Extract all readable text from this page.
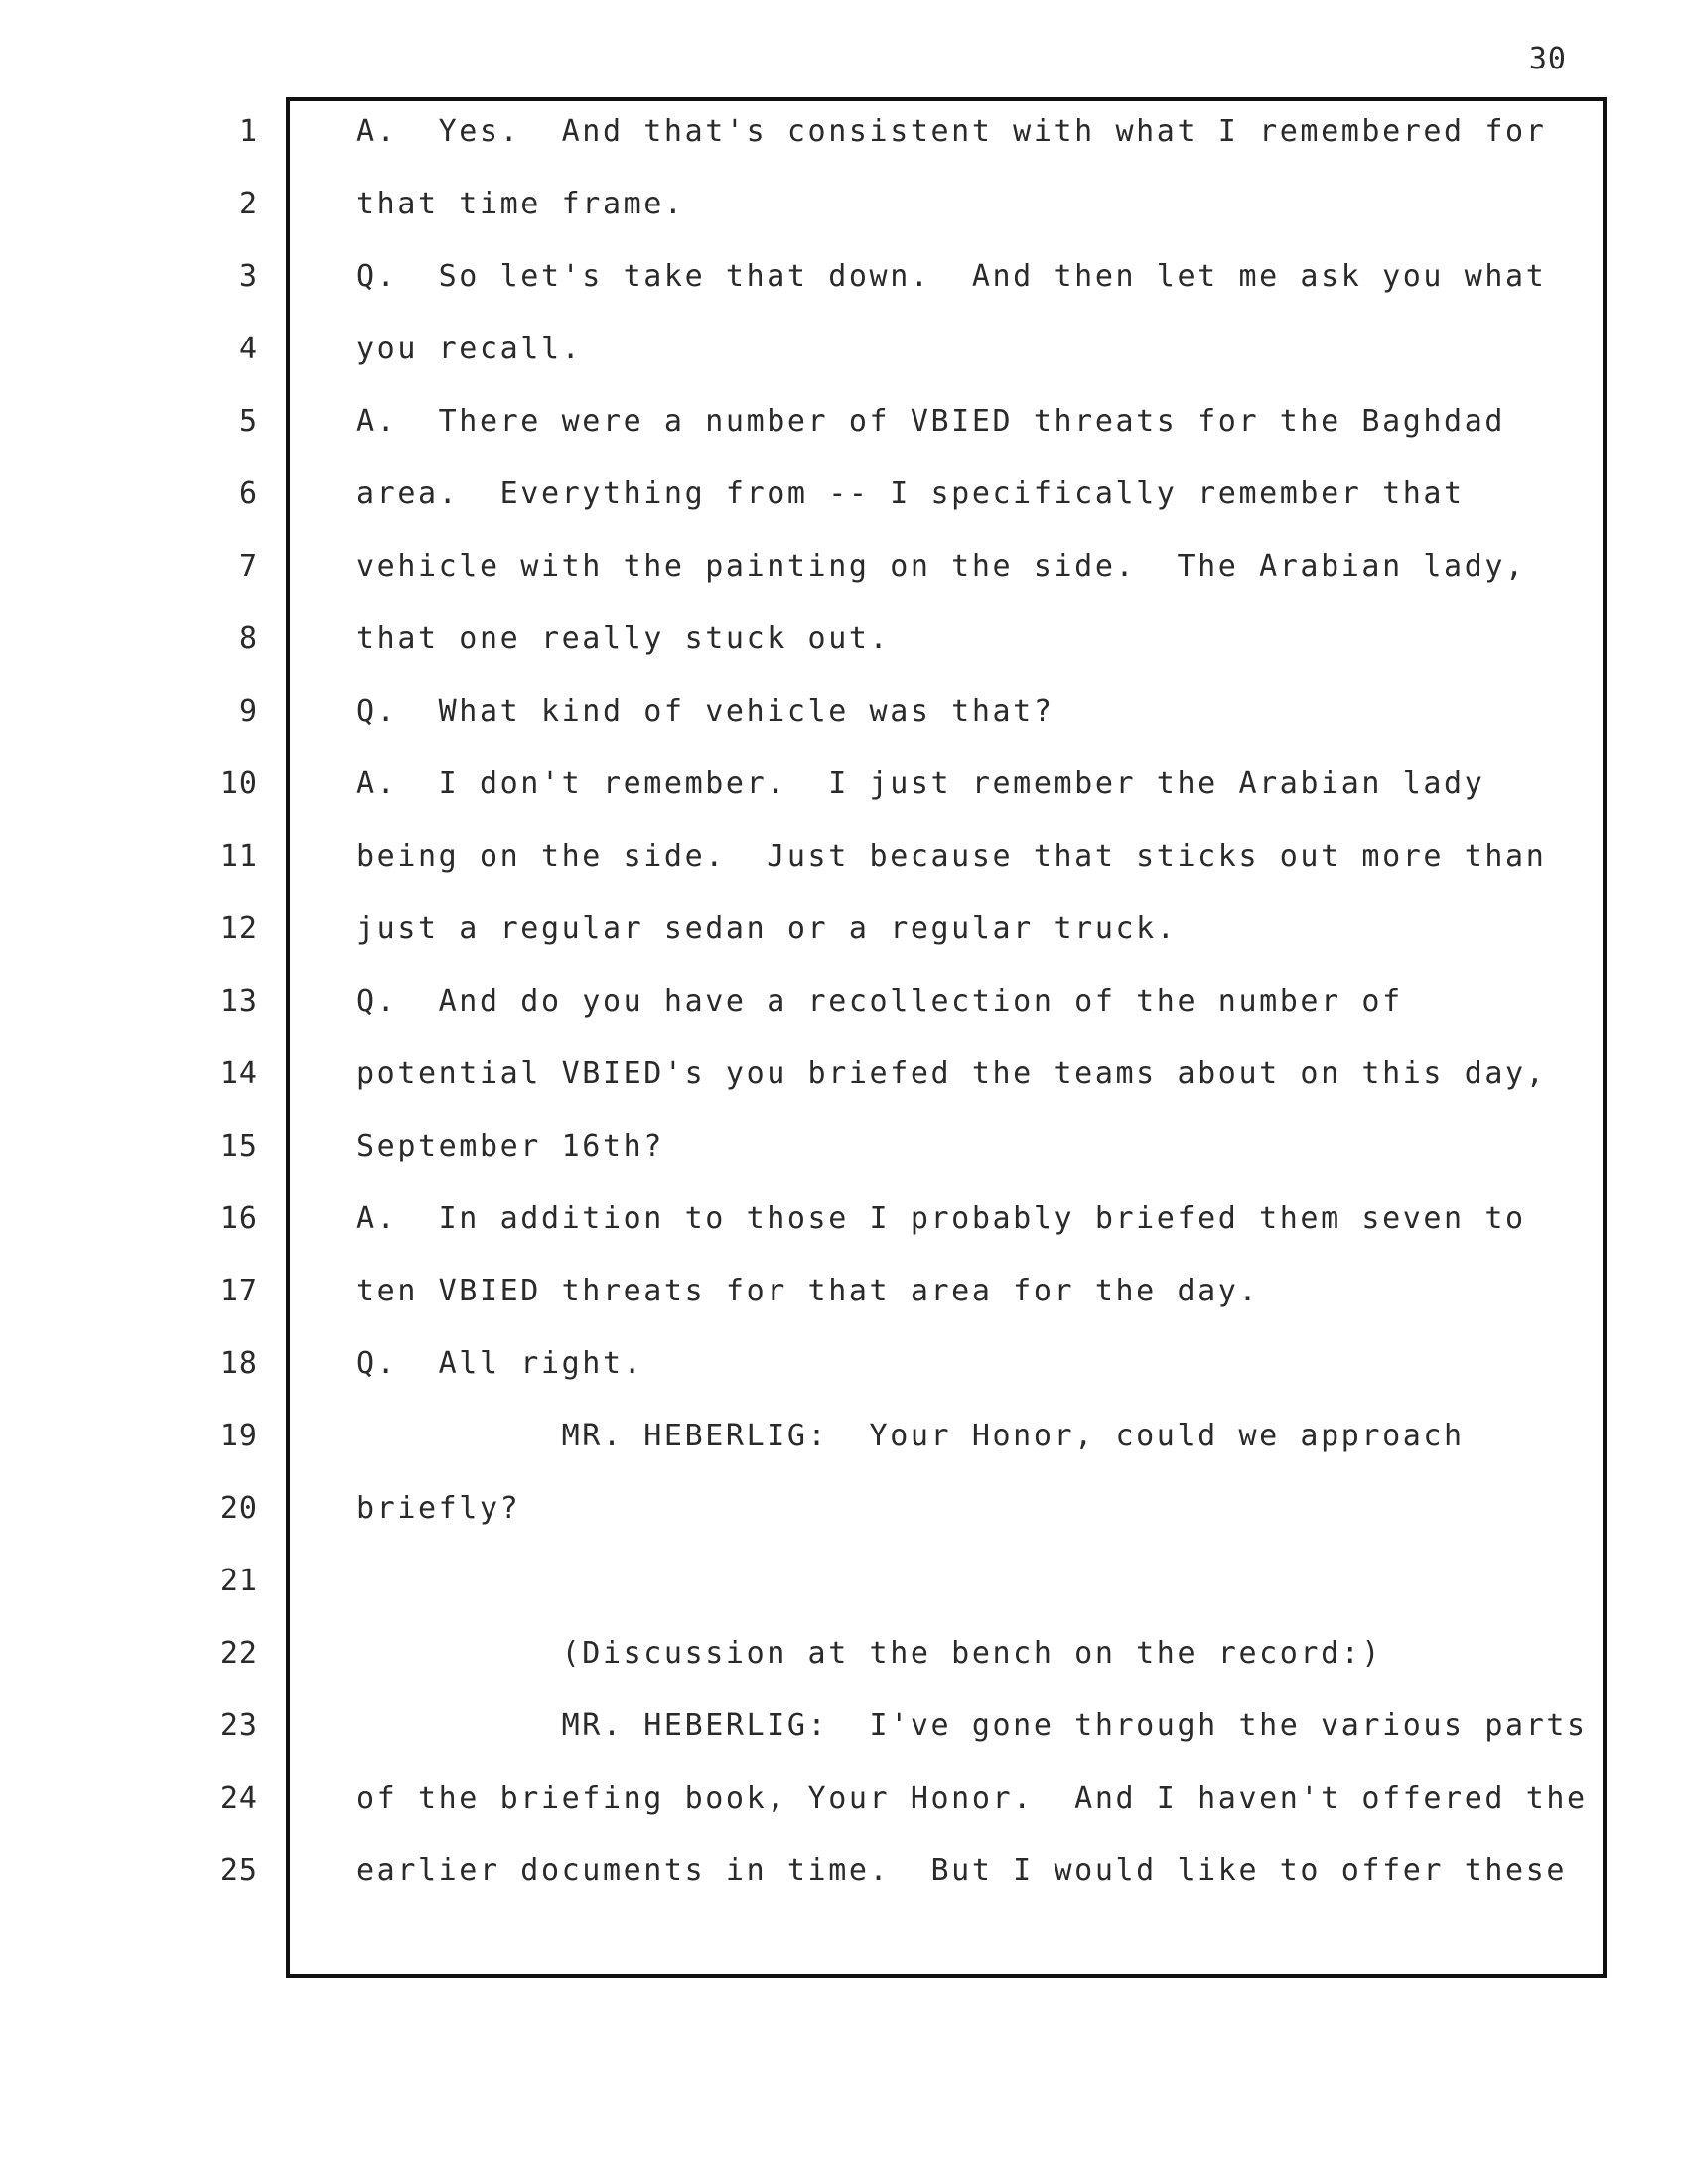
30
1	A.  Yes.  And that's consistent with what I remembered for
2	that time frame.
3	Q.  So let's take that down.  And then let me ask you what
4	you recall.
5	A.  There were a number of VBIED threats for the Baghdad
6	area.  Everything from -- I specifically remember that
7	vehicle with the painting on the side.  The Arabian lady,
8	that one really stuck out.
9	Q.  What kind of vehicle was that?
10	A.  I don't remember.  I just remember the Arabian lady
11	being on the side.  Just because that sticks out more than
12	just a regular sedan or a regular truck.
13	Q.  And do you have a recollection of the number of
14	potential VBIED's you briefed the teams about on this day,
15	September 16th?
16	A.  In addition to those I probably briefed them seven to
17	ten VBIED threats for that area for the day.
18	Q.  All right.
19	MR. HEBERLIG:  Your Honor, could we approach
20	briefly?
21
22	(Discussion at the bench on the record:)
23	MR. HEBERLIG:  I've gone through the various parts
24	of the briefing book, Your Honor.  And I haven't offered the
25	earlier documents in time.  But I would like to offer these
